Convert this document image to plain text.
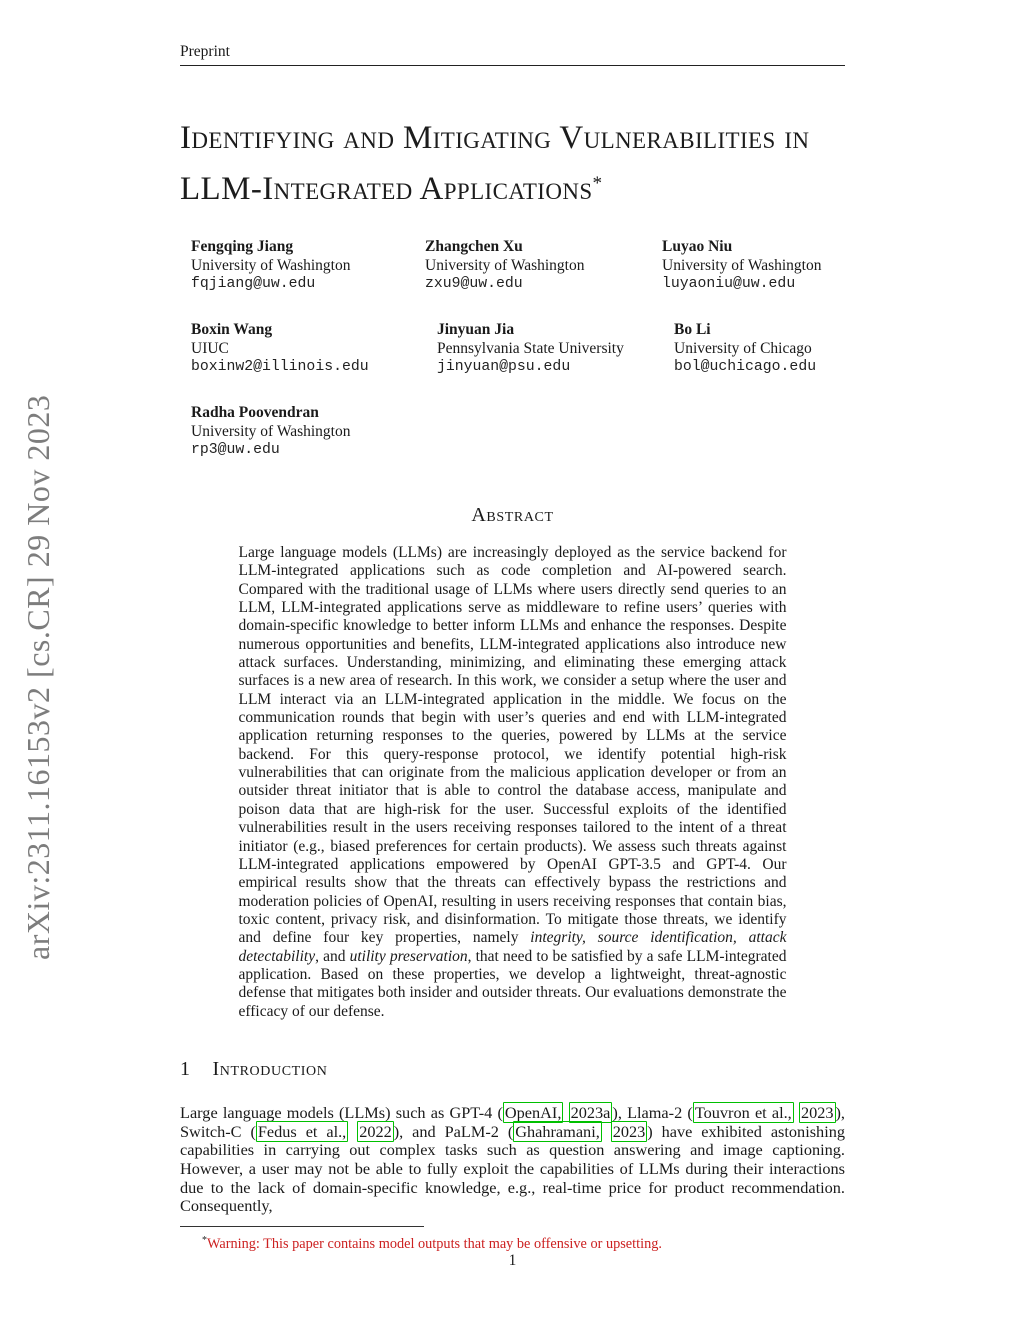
arXiv:2311.16153v2 [cs.CR] 29 Nov 2023
Preprint
Identifying and Mitigating Vulnerabilities in
LLM-Integrated Applications*
Fengqing Jiang
University of Washington
fqjiang@uw.edu
Zhangchen Xu
University of Washington
zxu9@uw.edu
Luyao Niu
University of Washington
luyaoniu@uw.edu
Boxin Wang
UIUC
boxinw2@illinois.edu
Jinyuan Jia
Pennsylvania State University
jinyuan@psu.edu
Bo Li
University of Chicago
bol@uchicago.edu
Radha Poovendran
University of Washington
rp3@uw.edu
Abstract

Large language models (LLMs) are increasingly deployed as the service backend for LLM-integrated applications such as code completion and AI-powered search. Compared with the traditional usage of LLMs where users directly send queries to an LLM, LLM-integrated applications serve as middleware to refine users’ queries with domain-specific knowledge to better inform LLMs and enhance the responses. Despite numerous opportunities and benefits, LLM-integrated applications also introduce new attack surfaces. Understanding, minimizing, and eliminating these emerging attack surfaces is a new area of research. In this work, we consider a setup where the user and LLM interact via an LLM-integrated application in the middle. We focus on the communication rounds that begin with user’s queries and end with LLM-integrated application returning responses to the queries, powered by LLMs at the service backend. For this query-response protocol, we identify potential high-risk vulnerabilities that can originate from the malicious application developer or from an outsider threat initiator that is able to control the database access, manipulate and poison data that are high-risk for the user. Successful exploits of the identified vulnerabilities result in the users receiving responses tailored to the intent of a threat initiator (e.g., biased preferences for certain products). We assess such threats against LLM-integrated applications empowered by OpenAI GPT-3.5 and GPT-4. Our empirical results show that the threats can effectively bypass the restrictions and moderation policies of OpenAI, resulting in users receiving responses that contain bias, toxic content, privacy risk, and disinformation. To mitigate those threats, we identify and define four key properties, namely integrity, source identification, attack detectability, and utility preservation, that need to be satisfied by a safe LLM-integrated application. Based on these properties, we develop a lightweight, threat-agnostic defense that mitigates both insider and outsider threats. Our evaluations demonstrate the efficacy of our defense.

1 Introduction

Large language models (LLMs) such as GPT-4 ( OpenAI, 2023a ), Llama-2 ( Touvron et al., 2023 ), Switch-C ( Fedus et al., 2022 ), and PaLM-2 ( Ghahramani, 2023 ) have exhibited astonishing capabilities in carrying out complex tasks such as question answering and image captioning. However, a user may not be able to fully exploit the capabilities of LLMs during their interactions due to the lack of domain-specific knowledge, e.g., real-time price for product recommendation. Consequently,

*Warning: This paper contains model outputs that may be offensive or upsetting.
1
